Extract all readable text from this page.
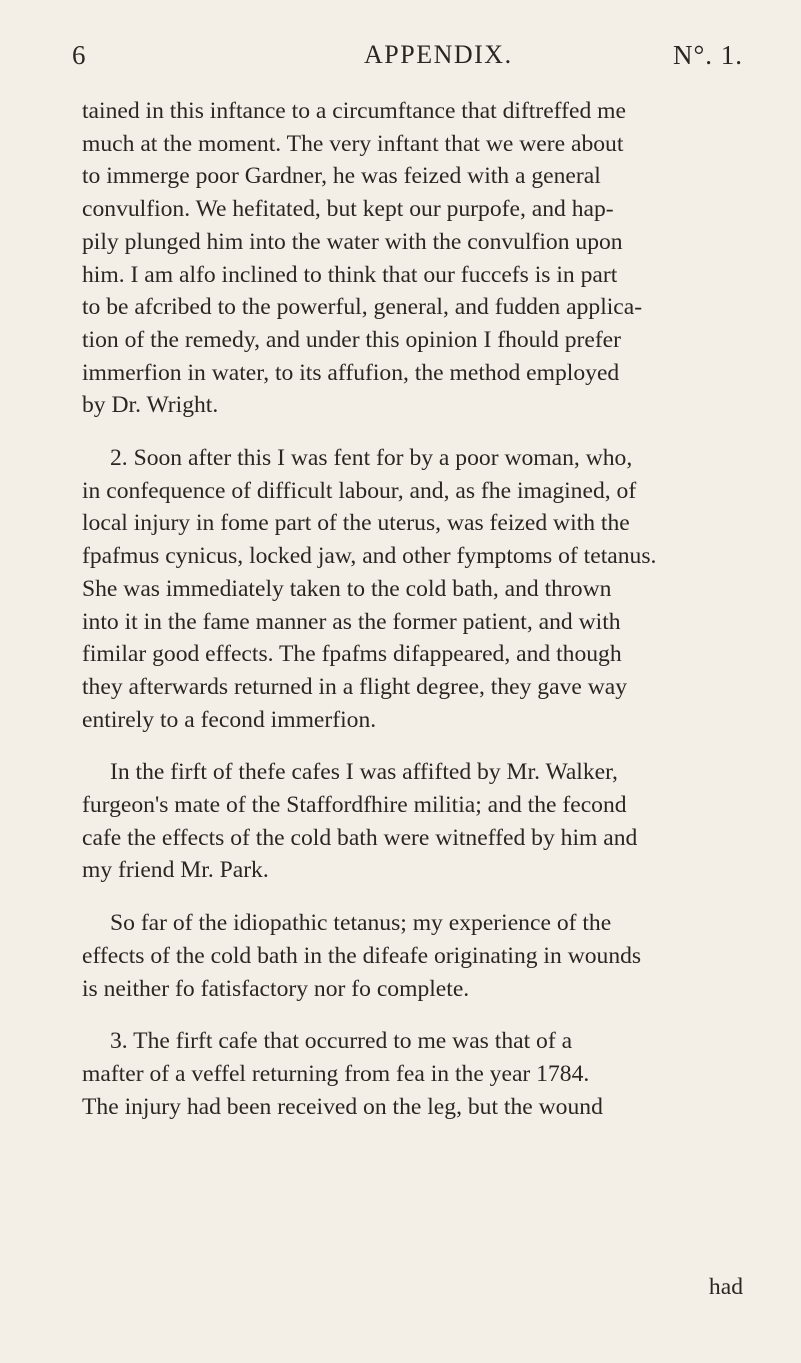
6	APPENDIX.	N°. 1.

tained in this inftance to a circumftance that diftreffed me
much at the moment. The very inftant that we were about
to immerge poor Gardner, he was feized with a general
convulfion. We hefitated, but kept our purpofe, and hap-
pily plunged him into the water with the convulfion upon
him. I am alfo inclined to think that our fuccefs is in part
to be afcribed to the powerful, general, and fudden applica-
tion of the remedy, and under this opinion I fhould prefer
immerfion in water, to its affufion, the method employed
by Dr. Wright.

2. Soon after this I was fent for by a poor woman, who,
in confequence of difficult labour, and, as fhe imagined, of
local injury in fome part of the uterus, was feized with the
fpafmus cynicus, locked jaw, and other fymptoms of tetanus.
She was immediately taken to the cold bath, and thrown
into it in the fame manner as the former patient, and with
fimilar good effects. The fpafms difappeared, and though
they afterwards returned in a flight degree, they gave way
entirely to a fecond immerfion.

In the firft of thefe cafes I was affifted by Mr. Walker,
furgeon's mate of the Staffordfhire militia; and the fecond
cafe the effects of the cold bath were witneffed by him and
my friend Mr. Park.

So far of the idiopathic tetanus; my experience of the
effects of the cold bath in the difeafe originating in wounds
is neither fo fatisfactory nor fo complete.

3. The firft cafe that occurred to me was that of a
mafter of a veffel returning from fea in the year 1784.
The injury had been received on the leg, but the wound

had
